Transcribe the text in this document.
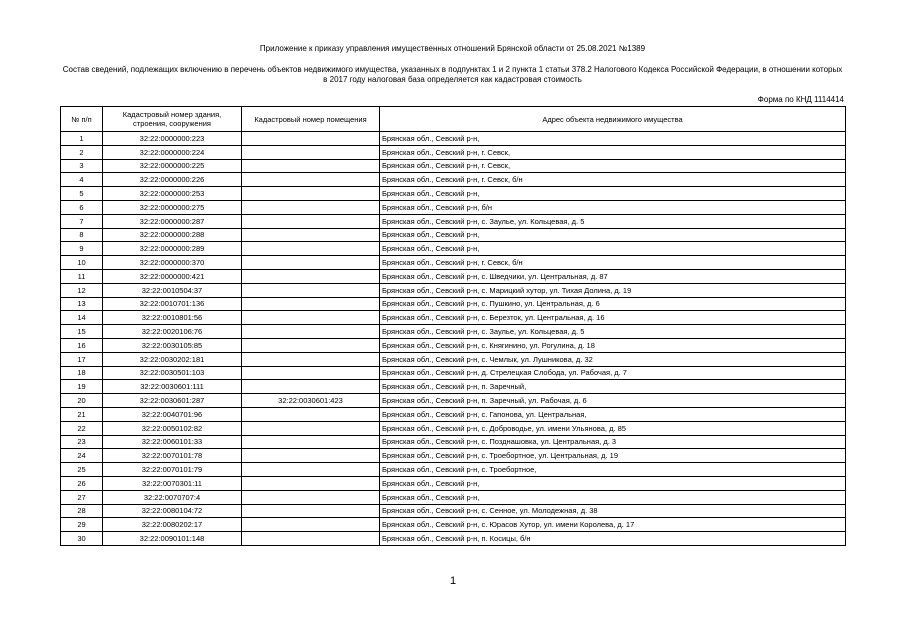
Приложение к приказу управления имущественных отношений Брянской области от 25.08.2021 №1389
Состав сведений, подлежащих включению в перечень объектов недвижимого имущества, указанных в подпунктах 1 и 2 пункта 1 статьи 378.2 Налогового Кодекса Российской Федерации, в отношении которых в 2017 году налоговая база определяется как кадастровая стоимость
Форма по КНД 1114414
№ п/п	Кадастровый номер здания, строения, сооружения	Кадастровый номер помещения	Адрес объекта недвижимого имущества
1	32:22:0000000:223		Брянская обл., Севский р-н,
2	32:22:0000000:224		Брянская обл., Севский р-н, г. Севск,
3	32:22:0000000:225		Брянская обл., Севский р-н, г. Севск,
4	32:22:0000000:226		Брянская обл., Севский р-н, г. Севск, б/н
5	32:22:0000000:253		Брянская обл., Севский р-н,
6	32:22:0000000:275		Брянская обл., Севский р-н, б/н
7	32:22:0000000:287		Брянская обл., Севский р-н, с. Заулье, ул. Кольцевая, д. 5
8	32:22:0000000:288		Брянская обл., Севский р-н,
9	32:22:0000000:289		Брянская обл., Севский р-н,
10	32:22:0000000:370		Брянская обл., Севский р-н, г. Севск, б/н
11	32:22:0000000:421		Брянская обл., Севский р-н, с. Шведчики, ул. Центральная, д. 87
12	32:22:0010504:37		Брянская обл., Севский р-н, с. Марицкий хутор, ул. Тихая Долина, д. 19
13	32:22:0010701:136		Брянская обл., Севский р-н, с. Пушкино, ул. Центральная, д. 6
14	32:22:0010801:56		Брянская обл., Севский р-н, с. Березток, ул. Центральная, д. 16
15	32:22:0020106:76		Брянская обл., Севский р-н, с. Заулье, ул. Кольцевая, д. 5
16	32:22:0030105:85		Брянская обл., Севский р-н, с. Княгинино, ул. Рогулина, д. 18
17	32:22:0030202:181		Брянская обл., Севский р-н, с. Чемлык, ул. Лушникова, д. 32
18	32:22:0030501:103		Брянская обл., Севский р-н, д. Стрелецкая Слобода, ул. Рабочая, д. 7
19	32:22:0030601:111		Брянская обл., Севский р-н, п. Заречный,
20	32:22:0030601:287	32:22:0030601:423	Брянская обл., Севский р-н, п. Заречный, ул. Рабочая, д. 6
21	32:22:0040701:96		Брянская обл., Севский р-н, с. Гапонова, ул. Центральная,
22	32:22:0050102:82		Брянская обл., Севский р-н, с. Доброводье, ул. имени Ульянова, д. 85
23	32:22:0060101:33		Брянская обл., Севский р-н, с. Позднашовка, ул. Центральная, д. 3
24	32:22:0070101:78		Брянская обл., Севский р-н, с. Троебортное, ул. Центральная, д. 19
25	32:22:0070101:79		Брянская обл., Севский р-н, с. Троебортное,
26	32:22:0070301:11		Брянская обл., Севский р-н,
27	32:22:0070707:4		Брянская обл., Севский р-н,
28	32:22:0080104:72		Брянская обл., Севский р-н, с. Сенное, ул. Молодежная, д. 38
29	32:22:0080202:17		Брянская обл., Севский р-н, с. Юрасов Хутор, ул. имени Королева, д. 17
30	32:22:0090101:148		Брянская обл., Севский р-н, п. Косицы, б/н
1
